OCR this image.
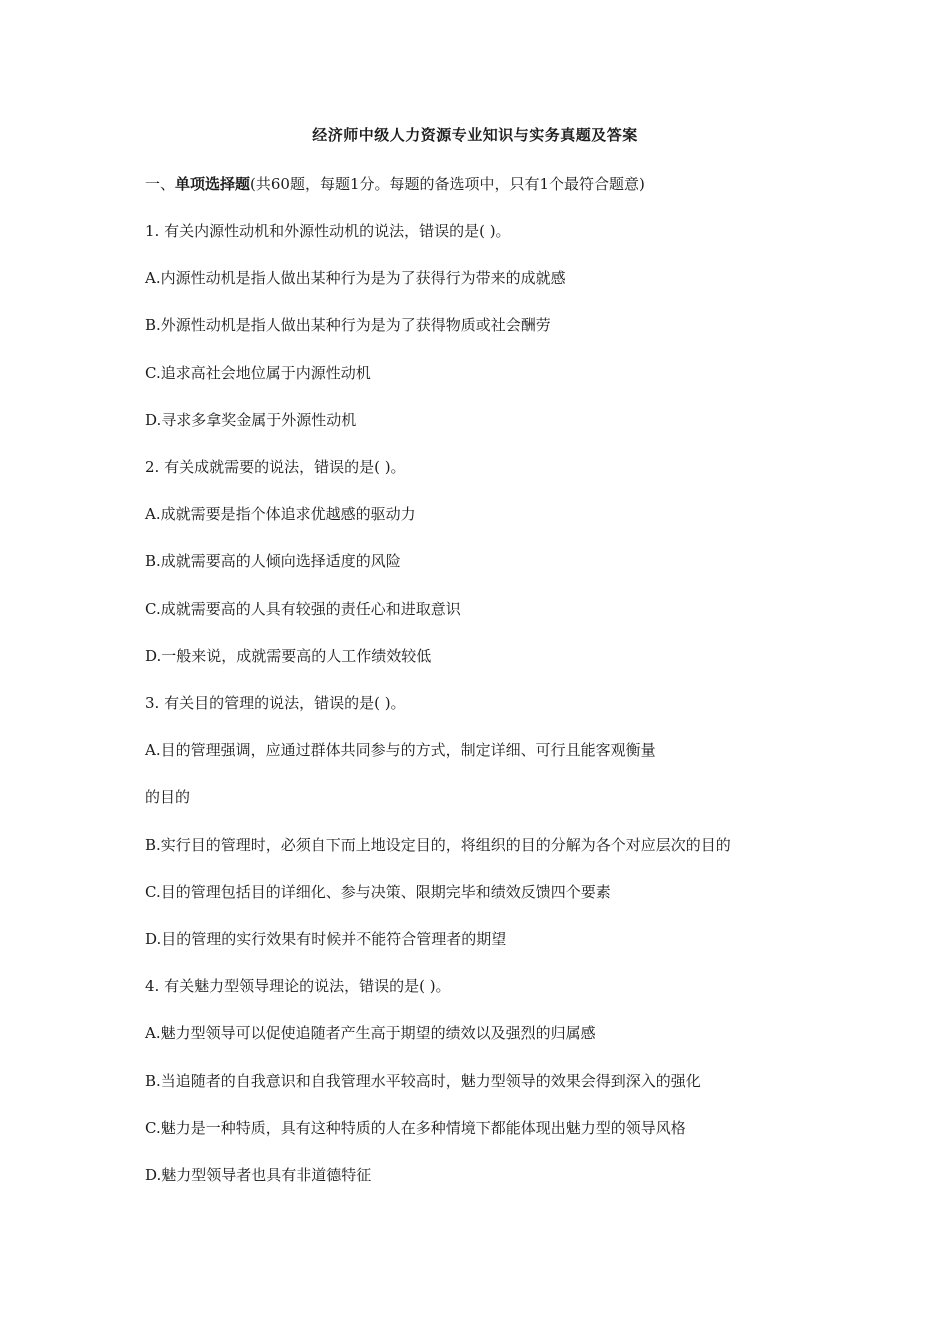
经济师中级人力资源专业知识与实务真题及答案
一、单项选择题(共60题，每题1分。每题的备选项中，只有1个最符合题意)
1. 有关内源性动机和外源性动机的说法，错误的是( )。
A.内源性动机是指人做出某种行为是为了获得行为带来的成就感
B.外源性动机是指人做出某种行为是为了获得物质或社会酬劳
C.追求高社会地位属于内源性动机
D.寻求多拿奖金属于外源性动机
2. 有关成就需要的说法，错误的是( )。
A.成就需要是指个体追求优越感的驱动力
B.成就需要高的人倾向选择适度的风险
C.成就需要高的人具有较强的责任心和进取意识
D.一般来说，成就需要高的人工作绩效较低
3. 有关目的管理的说法，错误的是( )。
A.目的管理强调，应通过群体共同参与的方式，制定详细、可行且能客观衡量
的目的
B.实行目的管理时，必须自下而上地设定目的，将组织的目的分解为各个对应层次的目的
C.目的管理包括目的详细化、参与决策、限期完毕和绩效反馈四个要素
D.目的管理的实行效果有时候并不能符合管理者的期望
4. 有关魅力型领导理论的说法，错误的是( )。
A.魅力型领导可以促使追随者产生高于期望的绩效以及强烈的归属感
B.当追随者的自我意识和自我管理水平较高时，魅力型领导的效果会得到深入的强化
C.魅力是一种特质，具有这种特质的人在多种情境下都能体现出魅力型的领导风格
D.魅力型领导者也具有非道德特征
